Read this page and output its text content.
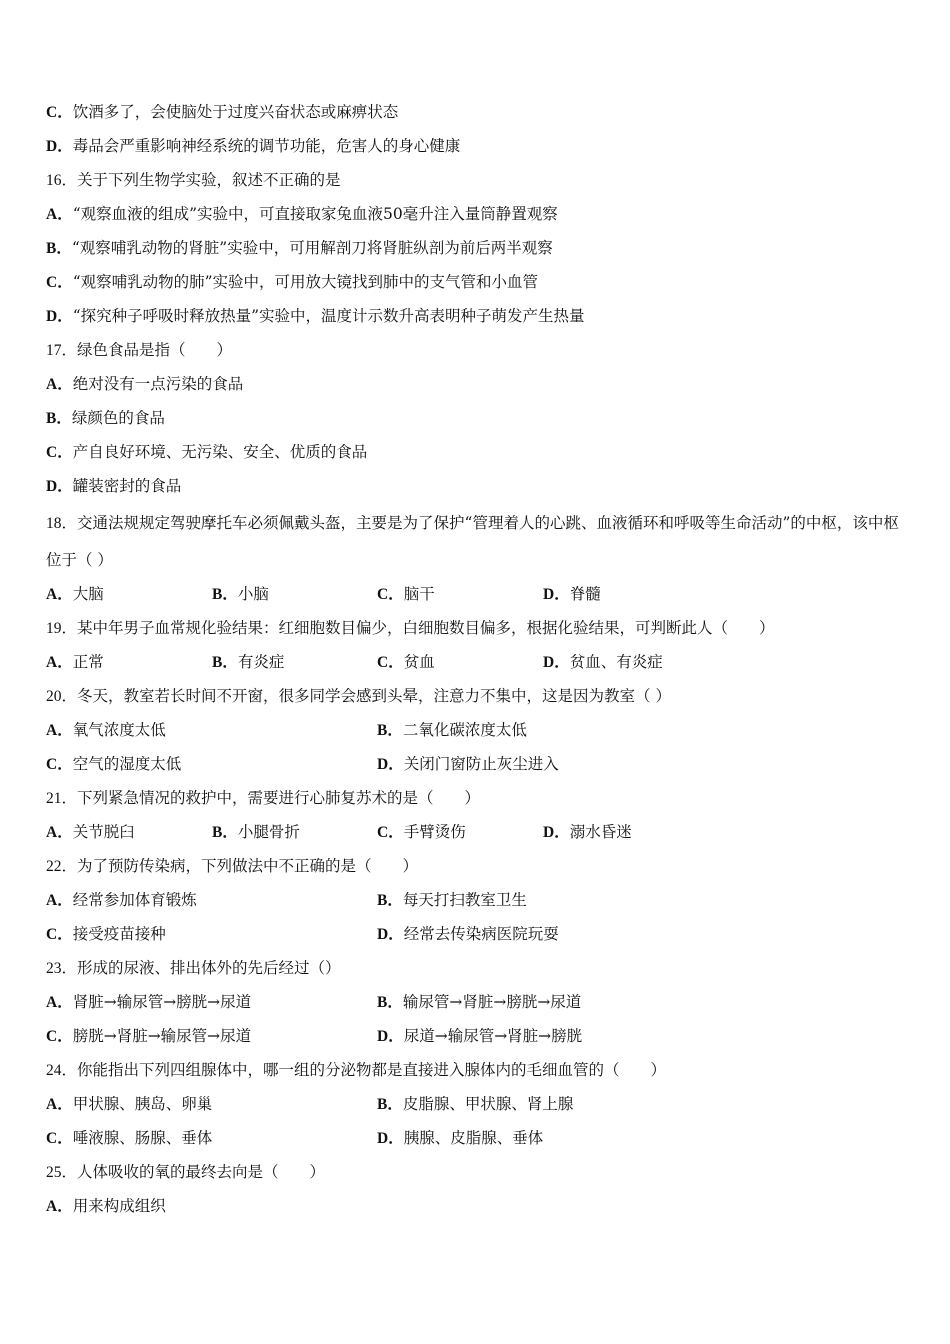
C．饮酒多了，会使脑处于过度兴奋状态或麻痹状态
D．毒品会严重影响神经系统的调节功能，危害人的身心健康
16．关于下列生物学实验，叙述不正确的是
A．“观察血液的组成”实验中，可直接取家兔血液50毫升注入量筒静置观察
B．“观察哺乳动物的肾脏”实验中，可用解剖刀将肾脏纵剖为前后两半观察
C．“观察哺乳动物的肺”实验中，可用放大镜找到肺中的支气管和小血管
D．“探究种子呼吸时释放热量”实验中，温度计示数升高表明种子萌发产生热量
17．绿色食品是指（　　）
A．绝对没有一点污染的食品
B．绿颜色的食品
C．产自良好环境、无污染、安全、优质的食品
D．罐装密封的食品
18．交通法规规定驾驶摩托车必须佩戴头盔，主要是为了保护“管理着人的心跳、血液循环和呼吸等生命活动”的中枢，该中枢位于（ ）
A．大脑	B．小脑	C．脑干	D．脊髓
19．某中年男子血常规化验结果：红细胞数目偏少，白细胞数目偏多，根据化验结果，可判断此人（　　）
A．正常	B．有炎症	C．贫血	D．贫血、有炎症
20．冬天，教室若长时间不开窗，很多同学会感到头晕，注意力不集中，这是因为教室（ ）
A．氧气浓度太低	B．二氧化碳浓度太低
C．空气的湿度太低	D．关闭门窗防止灰尘进入
21．下列紧急情况的救护中，需要进行心肺复苏术的是（　　）
A．关节脱臼	B．小腿骨折	C．手臂烫伤	D．溺水昏迷
22．为了预防传染病，下列做法中不正确的是（　　）
A．经常参加体育锻炼	B．每天打扫教室卫生
C．接受疫苗接种	D．经常去传染病医院玩耍
23．形成的尿液、排出体外的先后经过（）
A．肾脏→输尿管→膀胱→尿道	B．输尿管→肾脏→膀胱→尿道
C．膀胱→肾脏→输尿管→尿道	D．尿道→输尿管→肾脏→膀胱
24．你能指出下列四组腺体中，哪一组的分泌物都是直接进入腺体内的毛细血管的（　　）
A．甲状腺、胰岛、卵巢	B．皮脂腺、甲状腺、肾上腺
C．唾液腺、肠腺、垂体	D．胰腺、皮脂腺、垂体
25．人体吸收的氧的最终去向是（　　）
A．用来构成组织
